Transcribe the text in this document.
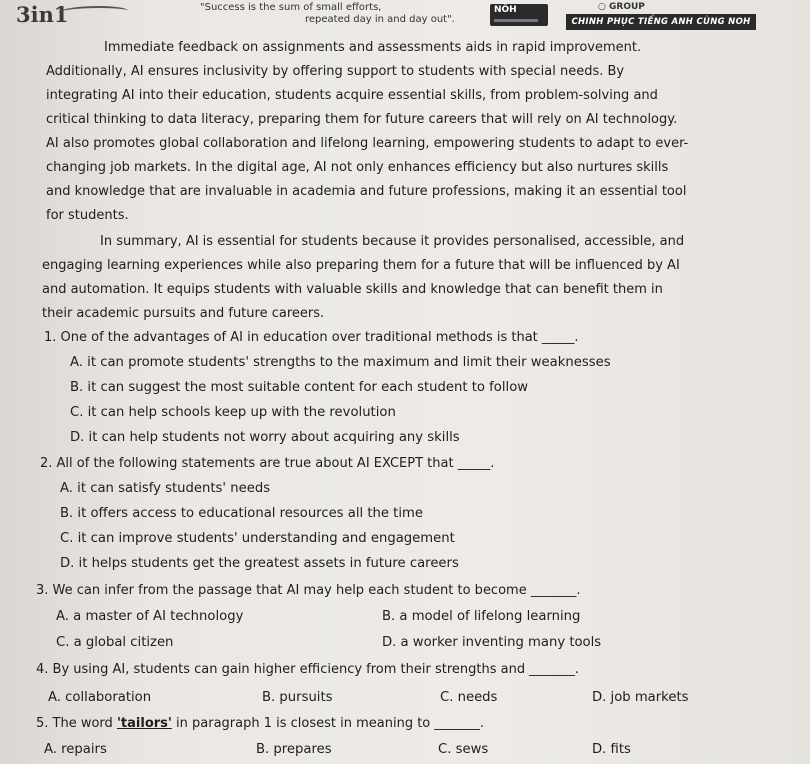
3in1	"Success is the sum of small efforts,
repeated day in and day out".
NÔH	○ GROUP
CHINH PHỤC TIẾNG ANH CÙNG NOH
Immediate feedback on assignments and assessments aids in rapid improvement.
Additionally, AI ensures inclusivity by offering support to students with special needs. By
integrating AI into their education, students acquire essential skills, from problem-solving and
critical thinking to data literacy, preparing them for future careers that will rely on AI technology.
AI also promotes global collaboration and lifelong learning, empowering students to adapt to ever-
changing job markets. In the digital age, AI not only enhances efficiency but also nurtures skills
and knowledge that are invaluable in academia and future professions, making it an essential tool
for students.
In summary, AI is essential for students because it provides personalised, accessible, and
engaging learning experiences while also preparing them for a future that will be influenced by AI
and automation. It equips students with valuable skills and knowledge that can benefit them in
their academic pursuits and future careers.
1. One of the advantages of AI in education over traditional methods is that _____.
A. it can promote students' strengths to the maximum and limit their weaknesses
B. it can suggest the most suitable content for each student to follow
C. it can help schools keep up with the revolution
D. it can help students not worry about acquiring any skills
2. All of the following statements are true about AI EXCEPT that _____.
A. it can satisfy students' needs
B. it offers access to educational resources all the time
C. it can improve students' understanding and engagement
D. it helps students get the greatest assets in future careers
3. We can infer from the passage that AI may help each student to become _______.
A. a master of AI technology	B. a model of lifelong learning
C. a global citizen	D. a worker inventing many tools
4. By using AI, students can gain higher efficiency from their strengths and _______.
A. collaboration	B. pursuits	C. needs	D. job markets
5. The word 'tailors' in paragraph 1 is closest in meaning to _______.
A. repairs	B. prepares	C. sews	D. fits
